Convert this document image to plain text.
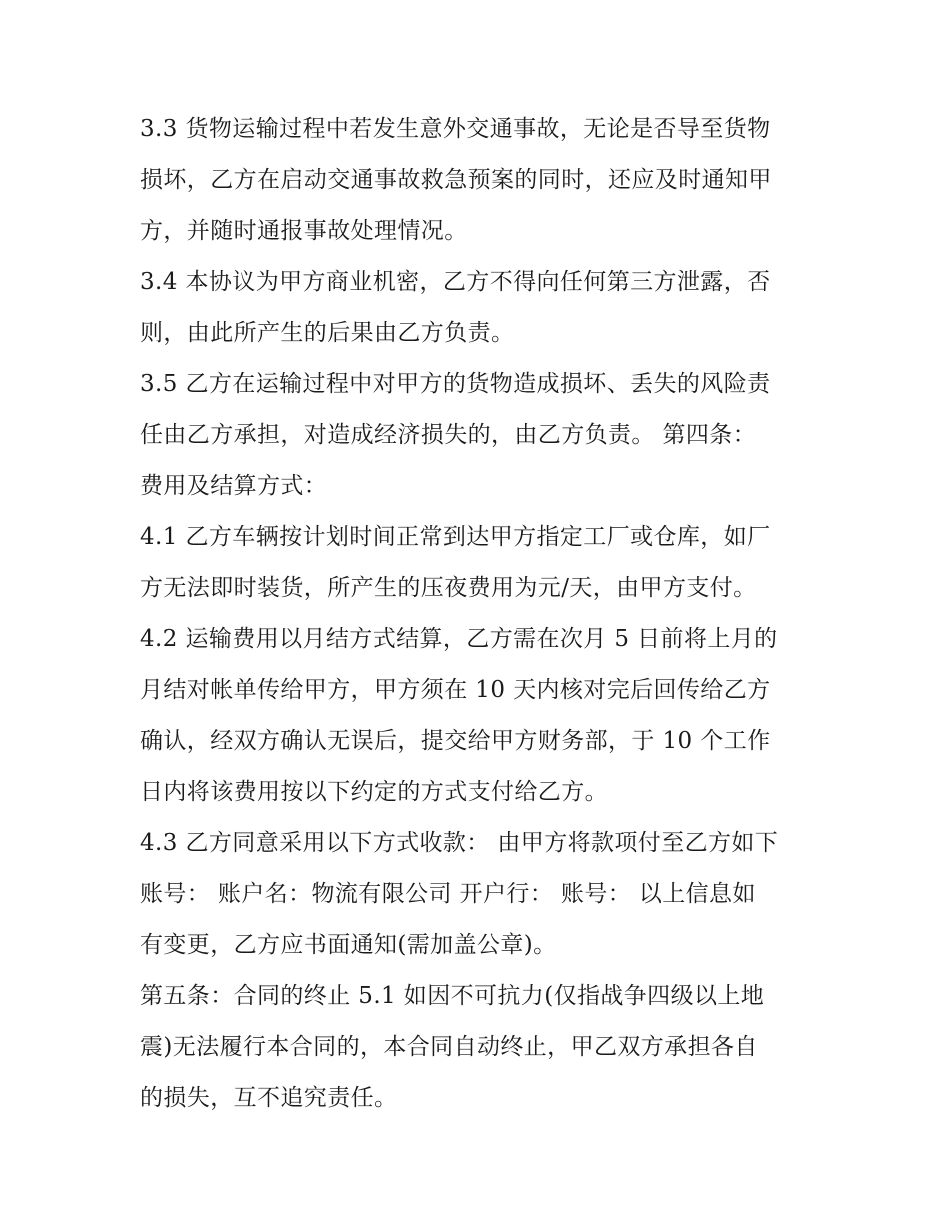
3.3 货物运输过程中若发生意外交通事故，无论是否导至货物
损坏，乙方在启动交通事故救急预案的同时，还应及时通知甲
方，并随时通报事故处理情况。
3.4 本协议为甲方商业机密，乙方不得向任何第三方泄露，否
则，由此所产生的后果由乙方负责。
3.5 乙方在运输过程中对甲方的货物造成损坏、丢失的风险责
任由乙方承担，对造成经济损失的，由乙方负责。 第四条：
费用及结算方式：
4.1 乙方车辆按计划时间正常到达甲方指定工厂或仓库，如厂
方无法即时装货，所产生的压夜费用为元/天，由甲方支付。
4.2 运输费用以月结方式结算，乙方需在次月 5 日前将上月的
月结对帐单传给甲方，甲方须在 10 天内核对完后回传给乙方
确认，经双方确认无误后，提交给甲方财务部，于 10 个工作
日内将该费用按以下约定的方式支付给乙方。
4.3 乙方同意采用以下方式收款： 由甲方将款项付至乙方如下
账号： 账户名：物流有限公司 开户行： 账号： 以上信息如
有变更，乙方应书面通知(需加盖公章)。
第五条：合同的终止 5.1 如因不可抗力(仅指战争四级以上地
震)无法履行本合同的，本合同自动终止，甲乙双方承担各自
的损失，互不追究责任。
